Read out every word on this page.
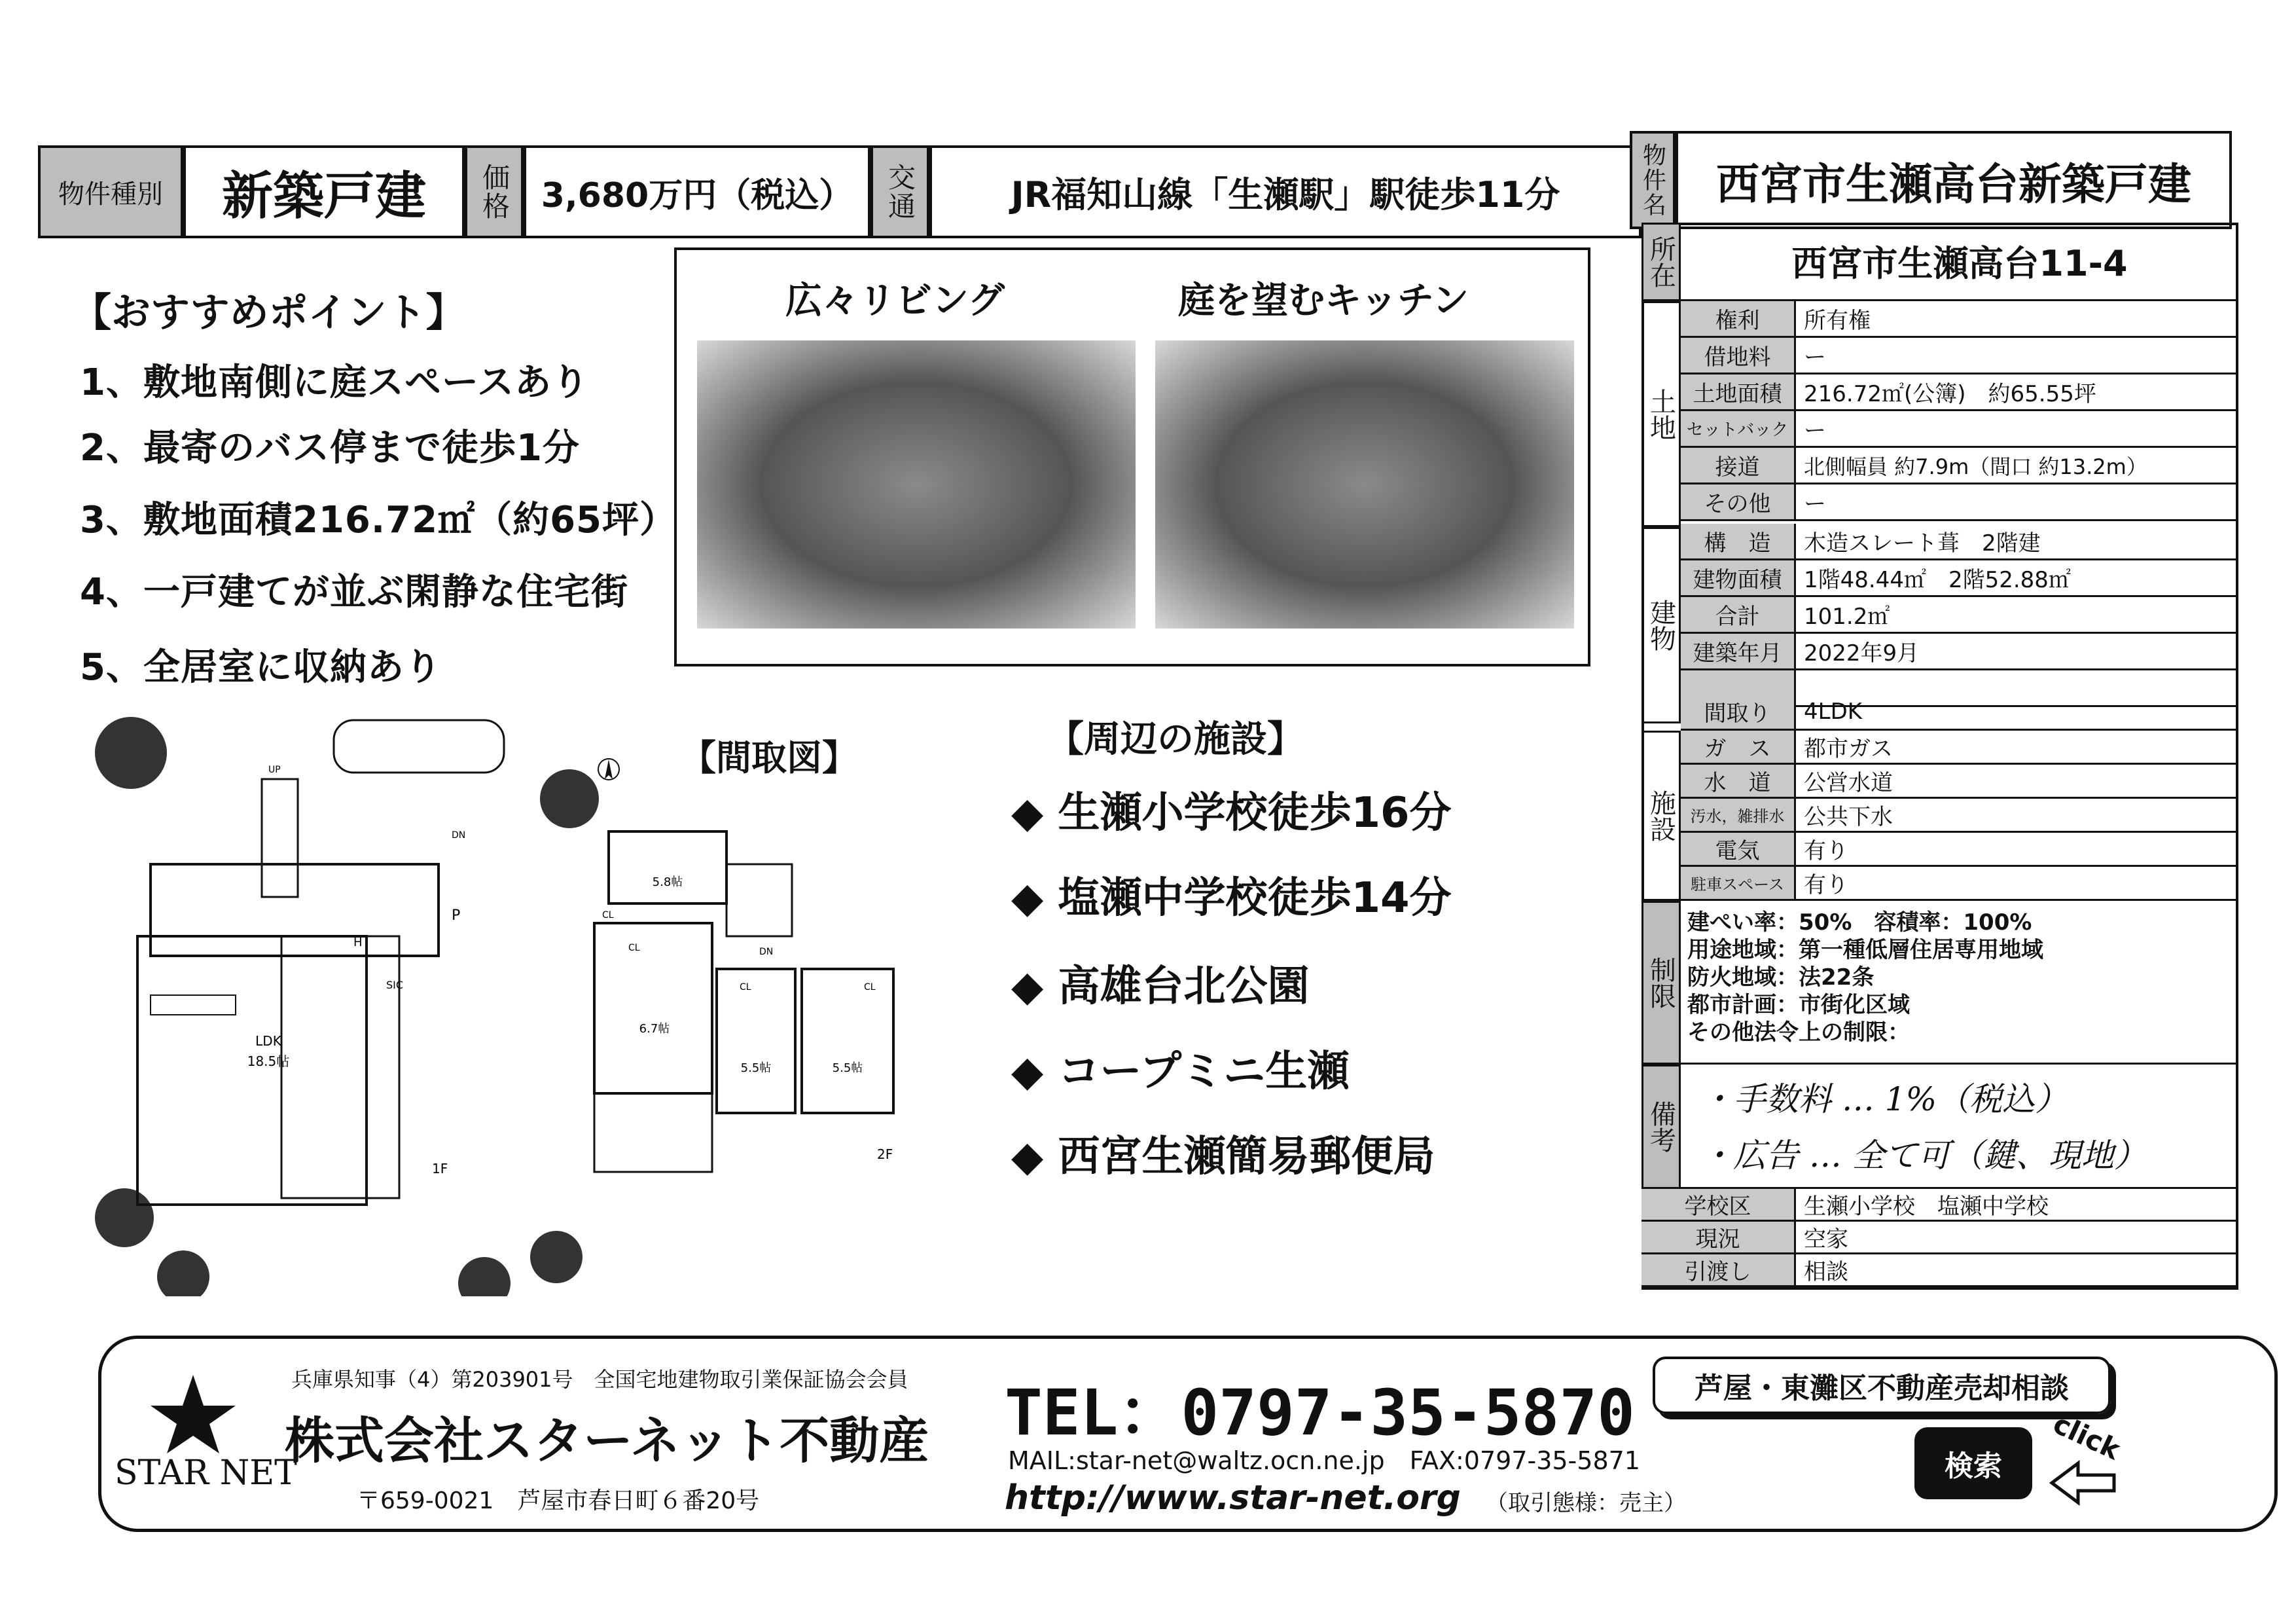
物件種別 新築戸建 価格 3,680万円（税込） 交通	JR福知山線「生瀬駅」駅徒歩11分	物件名 西宮市生瀬高台新築戸建
【おすすめポイント】
1、敷地南側に庭スペースあり
2、最寄のバス停まで徒歩1分
3、敷地面積216.72㎡（約65坪）
4、一戸建てが並ぶ閑静な住宅街
5、全居室に収納あり
広々リビング	庭を望むキッチン
【間取図】
LDK
18.5帖
UP
DN
P
H
SIC
1F
5.8帖
6.7帖
5.5帖	5.5帖
CL
CL
CL	CL
DN
2F
【周辺の施設】
◆ 生瀬小学校徒歩16分
◆ 塩瀬中学校徒歩14分
◆ 高雄台北公園
◆ コープミニ生瀬
◆ 西宮生瀬簡易郵便局
所在	西宮市生瀬高台11-4
土地
権利	所有権
借地料	ー
土地面積 216.72㎡(公簿)　約65.55坪
セットバック ー
接道	北側幅員 約7.9m（間口 約13.2m）
その他	ー
建物
構　造	木造スレート葺　2階建
建物面積 1階48.44㎡　2階52.88㎡
合計	101.2㎡
建築年月 2022年9月
間取り	4LDK
施設
ガ　ス	都市ガス
水　道	公営水道
汚水，雑排水 公共下水
電気	有り
駐車スペース 有り
制限
建ぺい率：50%　容積率：100%
用途地域：第一種低層住居専用地域
防火地域：法22条
都市計画：市街化区域
その他法令上の制限：
備考
・手数料 … 1%（税込）
・広告 … 全て可（鍵、現地）
学校区	生瀬小学校　塩瀬中学校
現況	空家
引渡し	相談
STAR NET
兵庫県知事（4）第203901号　全国宅地建物取引業保証協会会員
株式会社スターネット不動産
〒659-0021　芦屋市春日町６番20号
TEL：0797-35-5870
MAIL:star-net@waltz.ocn.ne.jp　FAX:0797-35-5871
http://www.star-net.org （取引態様：売主）
芦屋・東灘区不動産売却相談
検索
click
